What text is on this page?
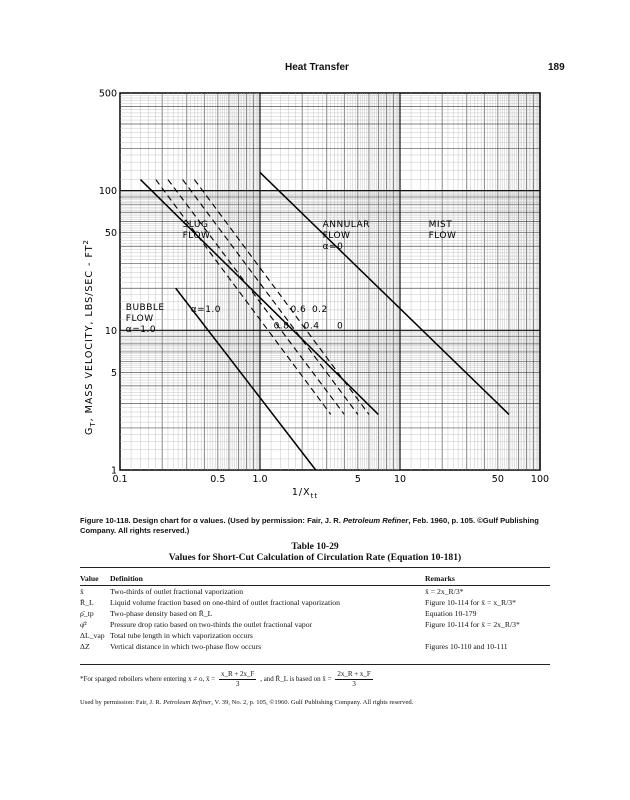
Heat Transfer	189
0.1	0.5	1.0	5	10	50	100
500
100
50
10
5
1
SLUG FLOW
ANNULAR FLOW α=0
MIST FLOW
BUBBLE FLOW α=1.0
α=1.0	0.6 0.2
0.8 0.4 0
$1/X_{tt}$
$G_T$, MASS VELOCITY, $LBS/SEC - FT^2$
Figure 10-118. Design chart for α values. (Used by permission: Fair, J. R. Petroleum Refiner, Feb. 1960, p. 105. ©Gulf Publishing Company. All rights reserved.)
Table 10-29
Values for Short-Cut Calculation of Circulation Rate (Equation 10-181)
Value	Definition	Remarks
x̄	Two-thirds of outlet fractional vaporization	x̄ = 2x_R/3*
R̄_L	Liquid volume fraction based on one-third of outlet fractional vaporization	Figure 10-114 for x̄ = x_R/3*
ρ̄_tp	Two-phase density based on R̄_L	Equation 10-179
φ̄²	Pressure drop ratio based on two-thirds the outlet fractional vapor	Figure 10-114 for x̄ = 2x_R/3*
ΔL_vap	Total tube length in which vaporization occurs	
ΔZ	Vertical distance in which two-phase flow occurs	Figures 10-110 and 10-111
*For sparged reboilers where entering x ≠ o, x̄ = $\frac{x\_R + 2x\_F}{3}$ , and R̄_L is based on x̄ = $\frac{2x\_R + x\_F}{3}$
Used by permission: Fair, J. R. Petroleum Refiner, V. 39, No. 2, p. 105, ©1960. Gulf Publishing Company. All rights reserved.
